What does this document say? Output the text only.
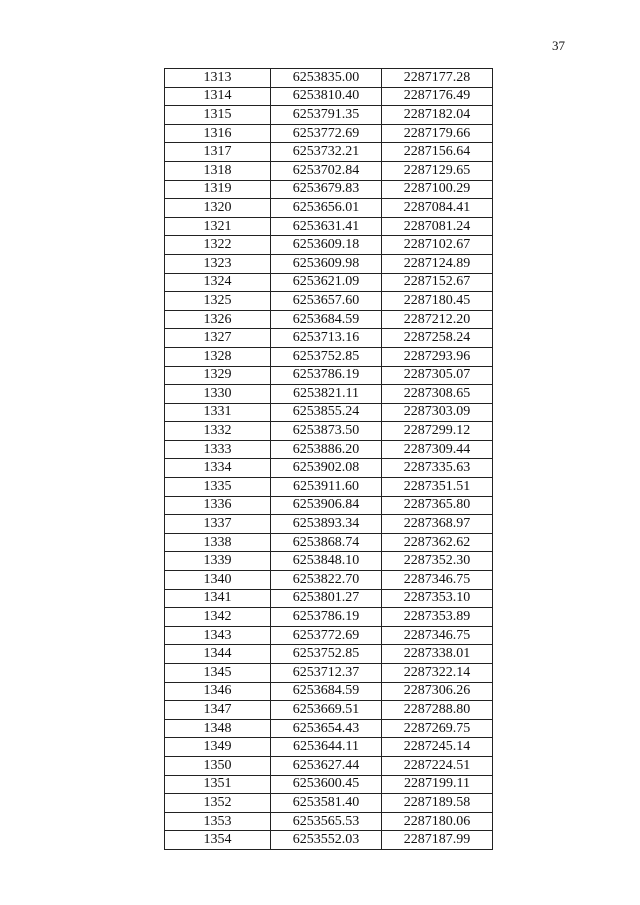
37
1313	6253835.00	2287177.28
1314	6253810.40	2287176.49
1315	6253791.35	2287182.04
1316	6253772.69	2287179.66
1317	6253732.21	2287156.64
1318	6253702.84	2287129.65
1319	6253679.83	2287100.29
1320	6253656.01	2287084.41
1321	6253631.41	2287081.24
1322	6253609.18	2287102.67
1323	6253609.98	2287124.89
1324	6253621.09	2287152.67
1325	6253657.60	2287180.45
1326	6253684.59	2287212.20
1327	6253713.16	2287258.24
1328	6253752.85	2287293.96
1329	6253786.19	2287305.07
1330	6253821.11	2287308.65
1331	6253855.24	2287303.09
1332	6253873.50	2287299.12
1333	6253886.20	2287309.44
1334	6253902.08	2287335.63
1335	6253911.60	2287351.51
1336	6253906.84	2287365.80
1337	6253893.34	2287368.97
1338	6253868.74	2287362.62
1339	6253848.10	2287352.30
1340	6253822.70	2287346.75
1341	6253801.27	2287353.10
1342	6253786.19	2287353.89
1343	6253772.69	2287346.75
1344	6253752.85	2287338.01
1345	6253712.37	2287322.14
1346	6253684.59	2287306.26
1347	6253669.51	2287288.80
1348	6253654.43	2287269.75
1349	6253644.11	2287245.14
1350	6253627.44	2287224.51
1351	6253600.45	2287199.11
1352	6253581.40	2287189.58
1353	6253565.53	2287180.06
1354	6253552.03	2287187.99
